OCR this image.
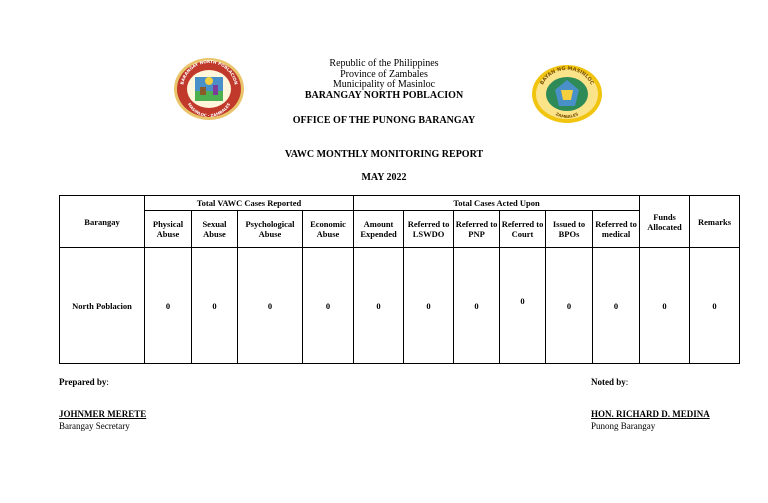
BARANGAY NORTH POBLACION
MASINLOC · ZAMBALES
BAYAN NG MASINLOC
ZAMBALES
Republic of the Philippines
Province of Zambales
Municipality of Masinloc
BARANGAY NORTH POBLACION
OFFICE OF THE PUNONG BARANGAY
VAWC MONTHLY MONITORING REPORT
MAY 2022
Barangay	Total VAWC Cases Reported				Total Cases Acted Upon						Funds Allocated	Remarks
	Physical Abuse	Sexual Abuse	Psychological Abuse	Economic Abuse	Amount Expended	Referred to LSWDO	Referred to PNP	Referred to Court	Issued to BPOs	Referred to medical		
North Poblacion	0	0	0	0	0	0	0	0	0	0	0	0
Prepared by:
JOHNMER MERETE
Barangay Secretary
Noted by:
HON. RICHARD D. MEDINA
Punong Barangay
